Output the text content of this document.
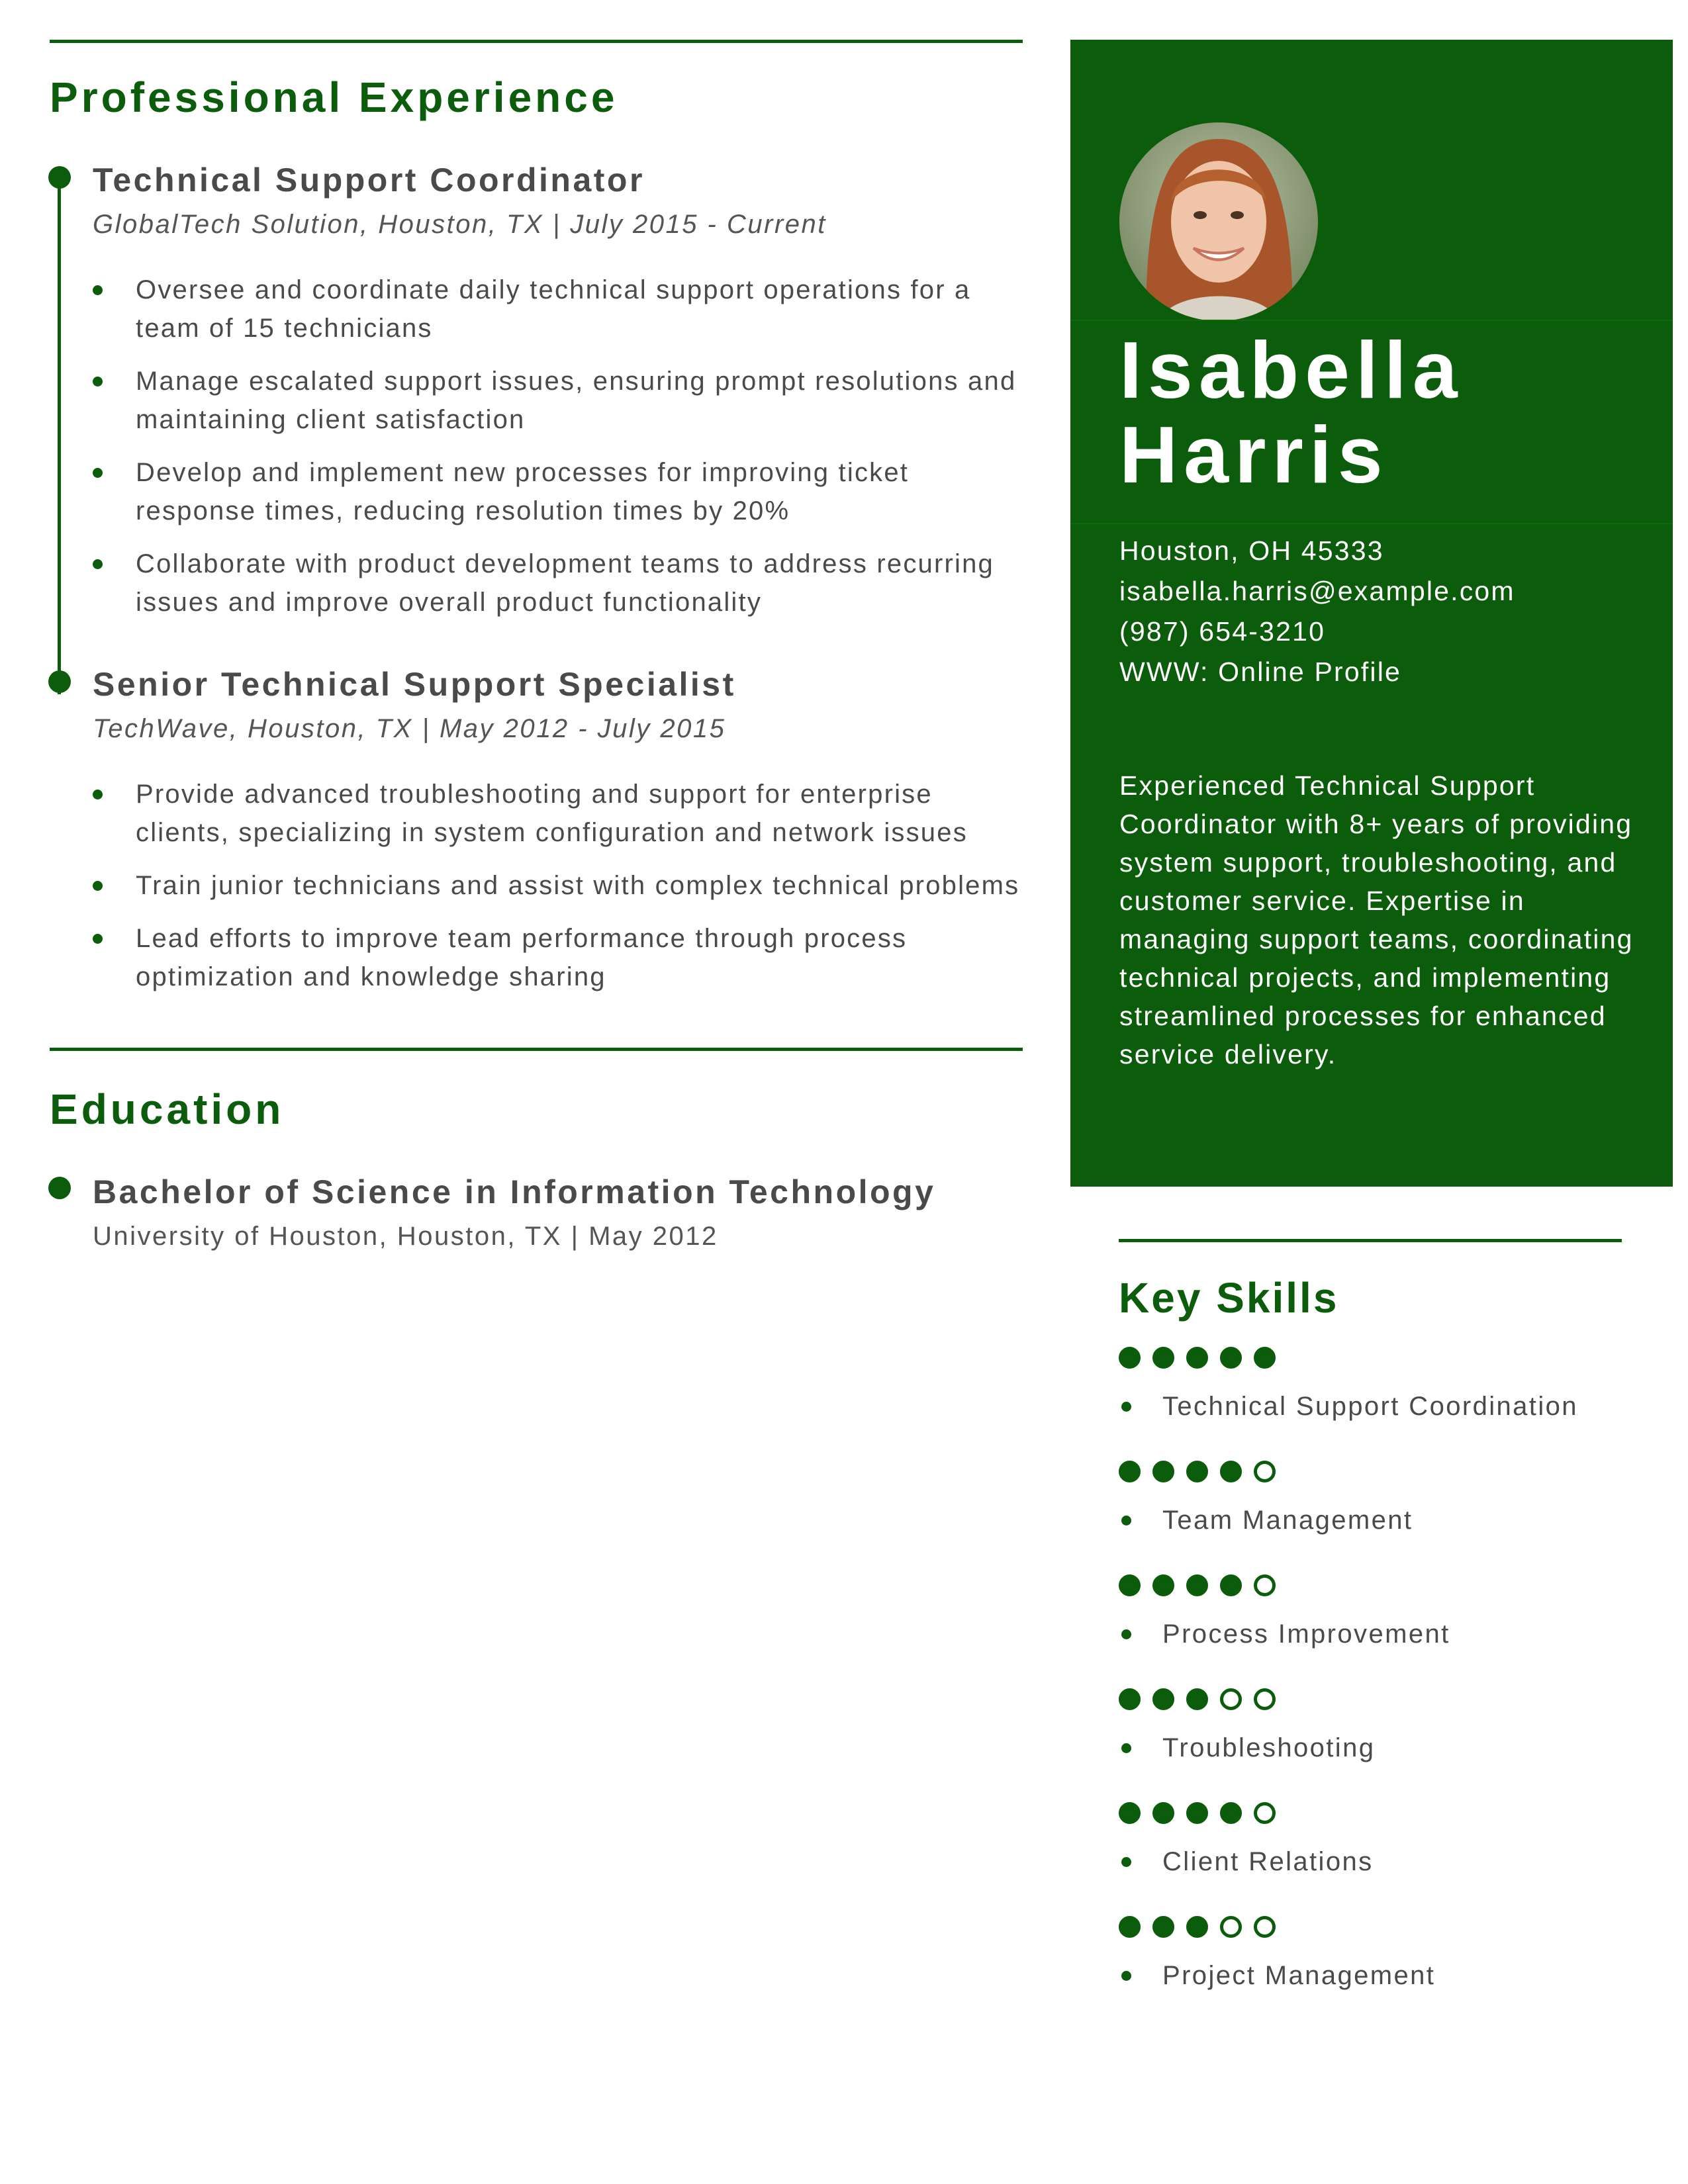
Professional Experience
Technical Support Coordinator
GlobalTech Solution, Houston, TX | July 2015 - Current
Oversee and coordinate daily technical support operations for a team of 15 technicians
Manage escalated support issues, ensuring prompt resolutions and maintaining client satisfaction
Develop and implement new processes for improving ticket response times, reducing resolution times by 20%
Collaborate with product development teams to address recurring issues and improve overall product functionality
Senior Technical Support Specialist
TechWave, Houston, TX | May 2012 - July 2015
Provide advanced troubleshooting and support for enterprise clients, specializing in system configuration and network issues
Train junior technicians and assist with complex technical problems
Lead efforts to improve team performance through process optimization and knowledge sharing
Education
Bachelor of Science in Information Technology
University of Houston, Houston, TX | May 2012
Isabella
Harris
Houston, OH 45333
isabella.harris@example.com
(987) 654-3210
WWW: Online Profile
Experienced Technical Support Coordinator with 8+ years of providing system support, troubleshooting, and customer service. Expertise in managing support teams, coordinating technical projects, and implementing streamlined processes for enhanced service delivery.
Key Skills
Technical Support Coordination
Team Management
Process Improvement
Troubleshooting
Client Relations
Project Management
